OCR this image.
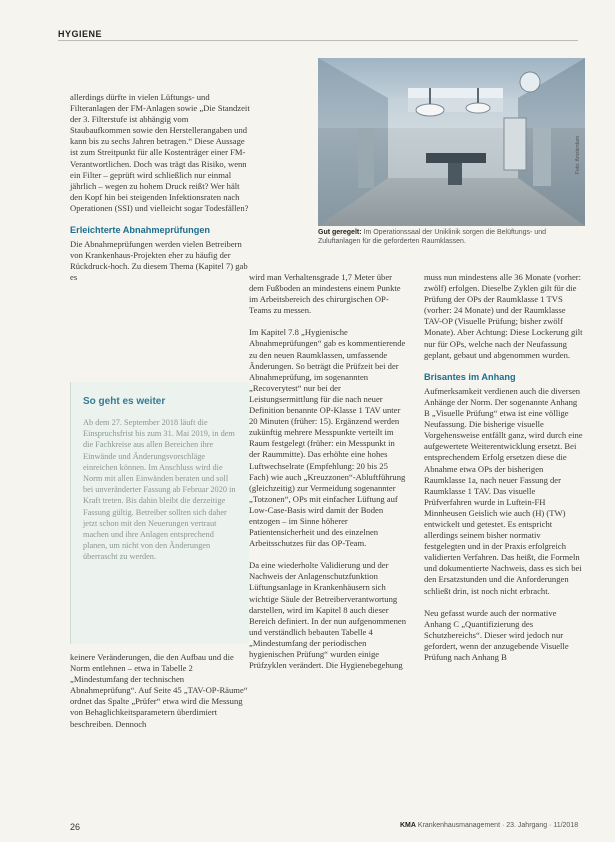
HYGIENE
Gut geregelt: Im Operationssaal der Uniklinik sorgen die Belüftungs- und Zuluftanlagen für die geforderten Raumklassen.

allerdings dürfte in vielen Lüftungs- und Filteranlagen der FM-Anlagen sowie „Die Standzeit der 3. Filterstufe ist abhängig vom Staubaufkommen sowie den Herstellerangaben und kann bis zu sechs Jahren betragen.“ Diese Aussage ist zum Streitpunkt für alle Kostenträger einer FM-Verantwortlichen. Doch was trägt das Risiko, wenn ein Filter – geprüft wird schließlich nur einmal jährlich – wegen zu hohem Druck reißt? Wer hält den Kopf hin bei steigenden Infektionsraten nach Operationen (SSI) und vielleicht sogar Todesfällen?

Erleichterte Abnahmeprüfungen

Die Abnahmeprüfungen werden vielen Betreibern von Krankenhaus-Projekten eher zu häufig der Rückdruck-hoch. Zu diesem Thema (Kapitel 7) gab es

So geht es weiter
Ab dem 27. September 2018 läuft die Einspruchsfrist bis zum 31. Mai 2019, in dem die Fachkreise aus allen Bereichen ihre Einwände und Änderungsvorschläge einreichen können. Im Anschluss wird die Norm mit allen Einwänden beraten und soll bei unveränderter Fassung ab Februar 2020 in Kraft treten. Bis dahin bleibt die derzeitige Fassung gültig. Betreiber sollten sich daher jetzt schon mit den Neuerungen vertraut machen und ihre Anlagen entsprechend planen, um nicht von den Änderungen überrascht zu werden.

keinere Veränderungen, die den Aufbau und die Norm entlehnen – etwa in Tabelle 2 „Mindestumfang der technischen Abnahmeprüfung“. Auf Seite 45 „TAV-OP-Räume“ ordnet das Spalte „Prüfer“ etwa wird die Messung von Behaglichkeitsparametern überdimiert beschreiben. Dennoch

wird man Verhaltensgrade 1,7 Meter über dem Fußboden an mindestens einem Punkte im Arbeitsbereich des chirurgischen OP-Teams zu messen.

Im Kapitel 7.8 „Hygienische Abnahmeprüfungen“ gab es kommentierende zu den neuen Raumklassen, umfassende Änderungen. So beträgt die Prüfzeit bei der Abnahmeprüfung, im sogenannten „Recoverytest“ nur bei der Leistungsermittlung für die nach neuer Definition benannte OP-Klasse 1 TAV unter 20 Minuten (früher: 15). Ergänzend werden zukünftig mehrere Messpunkte verteilt im Raum festgelegt (früher: ein Messpunkt in der Raummitte). Das erhöhte eine hohes Luftwechselrate (Empfehlung: 20 bis 25 Fach) wie auch „Kreuzzonen“-Abluftführung (gleichzeitig) zur Vermeidung sogenannter „Totzonen“, OPs mit einfacher Lüftung auf Low-Case-Basis wird damit der Boden entzogen – im Sinne höherer Patientensicherheit und des einzelnen Arbeitsschutzes für das OP-Team.

Da eine wiederholte Validierung und der Nachweis der Anlagenschutzfunktion Lüftungsanlage in Krankenhäusern sich wichtige Säule der Betreiberverantwortung darstellen, wird im Kapitel 8 auch dieser Bereich definiert. In der nun aufgenommenen und verständlich bebauten Tabelle 4 „Mindestumfang der periodischen hygienischen Prüfung“ wurden einige Prüfzyklen verändert. Die Hygienebegehung

muss nun mindestens alle 36 Monate (vorher: zwölf) erfolgen. Dieselbe Zyklen gilt für die Prüfung der OPs der Raumklasse 1 TVS (vorher: 24 Monate) und der Raumklasse TAV-OP (Visuelle Prüfung; bisher zwölf Monate). Aber Achtung: Diese Lockerung gilt nur für OPs, welche nach der Neufassung geplant, gebaut und abgenommen wurden.

Brisantes im Anhang

Aufmerksamkeit verdienen auch die diversen Anhänge der Norm. Der sogenannte Anhang B „Visuelle Prüfung“ etwa ist eine völlige Neufassung. Die bisherige visuelle Vorgehensweise entfällt ganz, wird durch eine aufgewertete Weiterentwicklung ersetzt. Bei entsprechendem Erfolg ersetzen diese die Abnahme etwa OPs der bisherigen Raumklasse 1a, nach neuer Fassung der Raumklasse 1 TAV. Das visuelle Prüfverfahren wurde in Luftein-FH Minnheusen Geislich wie auch (H) (TW) entwickelt und getestet. Es entspricht allerdings seinem bisher normativ festgelegten und in der Praxis erfolgreich validierten Verfahren. Das heißt, die Formeln und dokumentierte Nachweis, dass es sich bei den Ersatzstunden und die Anforderungen schließt drin, ist noch nicht erbracht.

Neu gefasst wurde auch der normative Anhang C „Quantifizierung des Schutzbereichs“. Dieser wird jedoch nur gefordert, wenn der anzugebende Visuelle Prüfung nach Anhang B

26	KMA Krankenhausmanagement · 23. Jahrgang · 11/2018
